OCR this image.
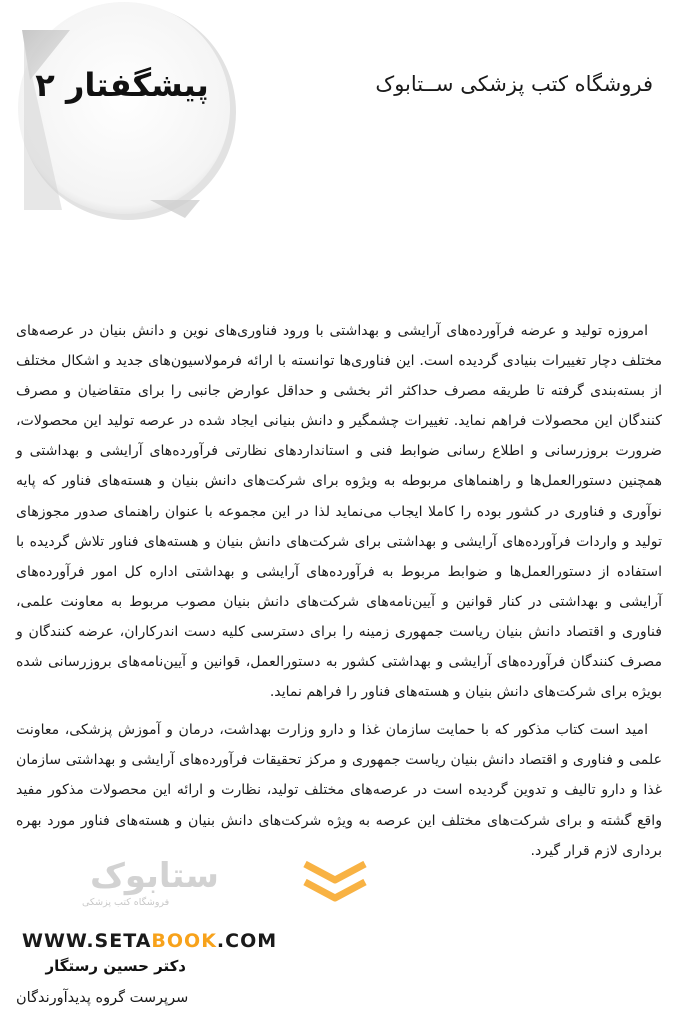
پیشگفتار ۲	فروشگاه کتب پزشکی ســتابوک

امروزه تولید و عرضه فرآورده‌های آرایشی و بهداشتی با ورود فناوری‌های نوین و دانش بنیان در عرصه‌های مختلف دچار تغییرات بنیادی گردیده است. این فناوری‌ها توانسته با ارائه فرمولاسیون‌های جدید و اشکال مختلف از بسته‌بندی گرفته تا طریقه مصرف حداکثر اثر بخشی و حداقل عوارض جانبی را برای متقاضیان و مصرف کنندگان این محصولات فراهم نماید. تغییرات چشمگیر و دانش بنیانی ایجاد شده در عرصه تولید این محصولات، ضرورت بروزرسانی و اطلاع رسانی ضوابط فنی و استانداردهای نظارتی فرآورده‌های آرایشی و بهداشتی و همچنین دستورالعمل‌ها و راهنماهای مربوطه به ویژوه برای شرکت‌های دانش بنیان و هسته‌های فناور که پایه نوآوری و فناوری در کشور بوده را کاملا ایجاب می‌نماید لذا در این مجموعه با عنوان راهنمای صدور مجوزهای تولید و واردات فرآورده‌های آرایشی و بهداشتی برای شرکت‌های دانش بنیان و هسته‌های فناور تلاش گردیده با استفاده از دستورالعمل‌ها و ضوابط مربوط به فرآورده‌های آرایشی و بهداشتی اداره کل امور فرآورده‌های آرایشی و بهداشتی در کنار قوانین و آیین‌نامه‌های شرکت‌های دانش بنیان مصوب مربوط به معاونت علمی، فناوری و اقتصاد دانش بنیان ریاست جمهوری زمینه را برای دسترسی کلیه دست اندرکاران، عرضه کنندگان و مصرف کنندگان فرآورده‌های آرایشی و بهداشتی کشور به دستورالعمل، قوانین و آیین‌نامه‌های بروزرسانی شده بویژه برای شرکت‌های دانش بنیان و هسته‌های فناور را فراهم نماید.

امید است کتاب مذکور که با حمایت سازمان غذا و دارو وزارت بهداشت، درمان و آموزش پزشکی، معاونت علمی و فناوری و اقتصاد دانش بنیان ریاست جمهوری و مرکز تحقیقات فرآورده‌های آرایشی و بهداشتی سازمان غذا و دارو تالیف و تدوین گردیده است در عرصه‌های مختلف تولید، نظارت و ارائه این محصولات مذکور مفید واقع گشته و برای شرکت‌های مختلف این عرصه به ویژه شرکت‌های دانش بنیان و هسته‌های فناور مورد بهره برداری لازم قرار گیرد.

ستابوک
فروشگاه کتب پزشکی
WWW.SETABOOK.COM
دکتر حسین رستگار
سرپرست گروه پدیدآورندگان
